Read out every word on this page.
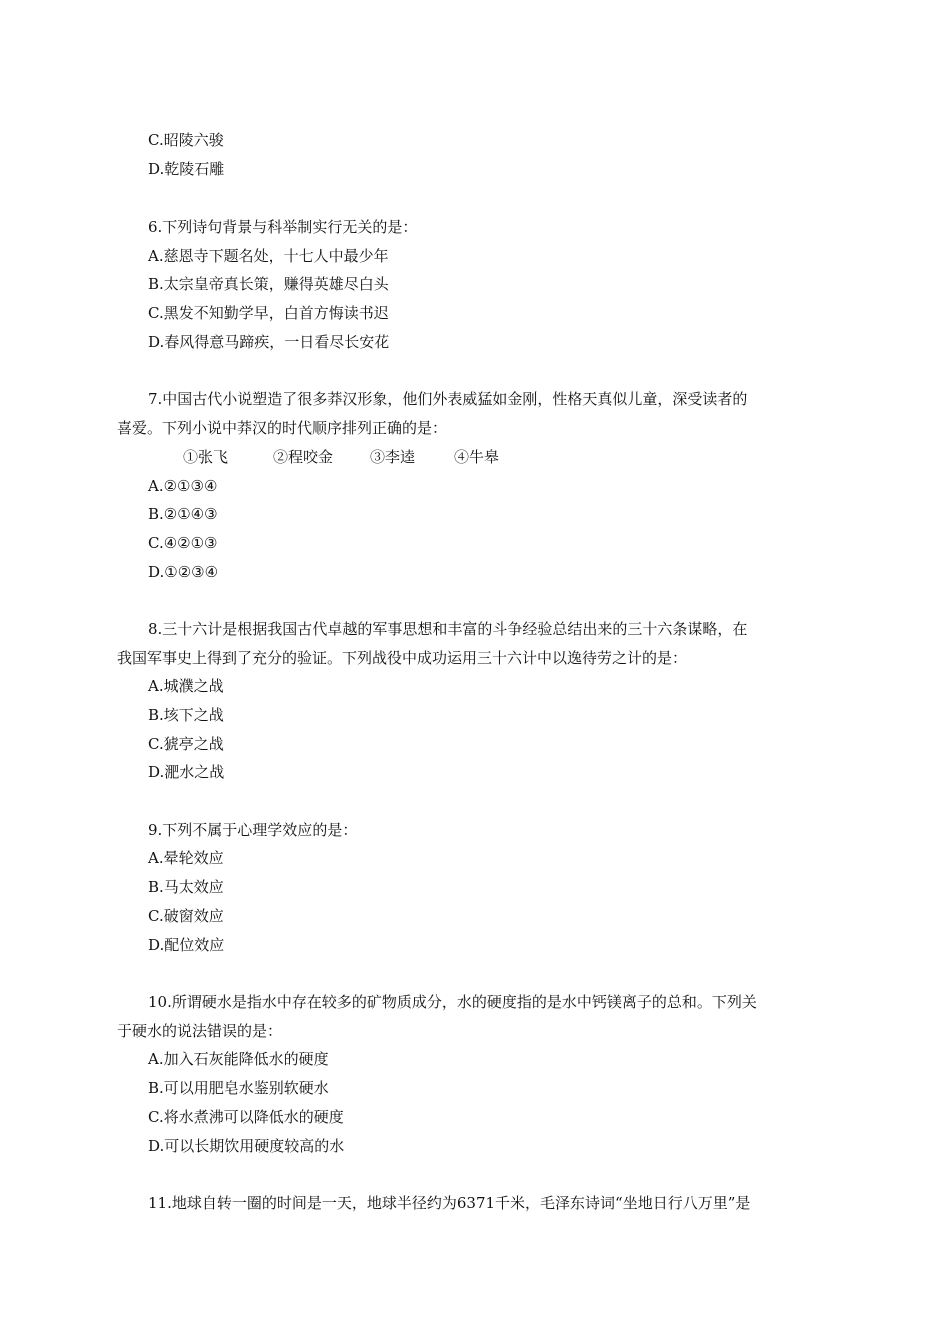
C.昭陵六骏
D.乾陵石雕
6.下列诗句背景与科举制实行无关的是：
A.慈恩寺下题名处，十七人中最少年
B.太宗皇帝真长策，赚得英雄尽白头
C.黑发不知勤学早，白首方悔读书迟
D.春风得意马蹄疾，一日看尽长安花
7.中国古代小说塑造了很多莽汉形象，他们外表威猛如金刚，性格天真似儿童，深受读者的
喜爱。下列小说中莽汉的时代顺序排列正确的是：
①张飞	②程咬金 ③李逵	④牛皋
A.②①③④
B.②①④③
C.④②①③
D.①②③④
8.三十六计是根据我国古代卓越的军事思想和丰富的斗争经验总结出来的三十六条谋略，在
我国军事史上得到了充分的验证。下列战役中成功运用三十六计中以逸待劳之计的是：
A.城濮之战
B.垓下之战
C.猇亭之战
D.淝水之战
9.下列不属于心理学效应的是：
A.晕轮效应
B.马太效应
C.破窗效应
D.配位效应
10.所谓硬水是指水中存在较多的矿物质成分，水的硬度指的是水中钙镁离子的总和。下列关
于硬水的说法错误的是：
A.加入石灰能降低水的硬度
B.可以用肥皂水鉴别软硬水
C.将水煮沸可以降低水的硬度
D.可以长期饮用硬度较高的水
11.地球自转一圈的时间是一天，地球半径约为6371千米，毛泽东诗词“坐地日行八万里”是
